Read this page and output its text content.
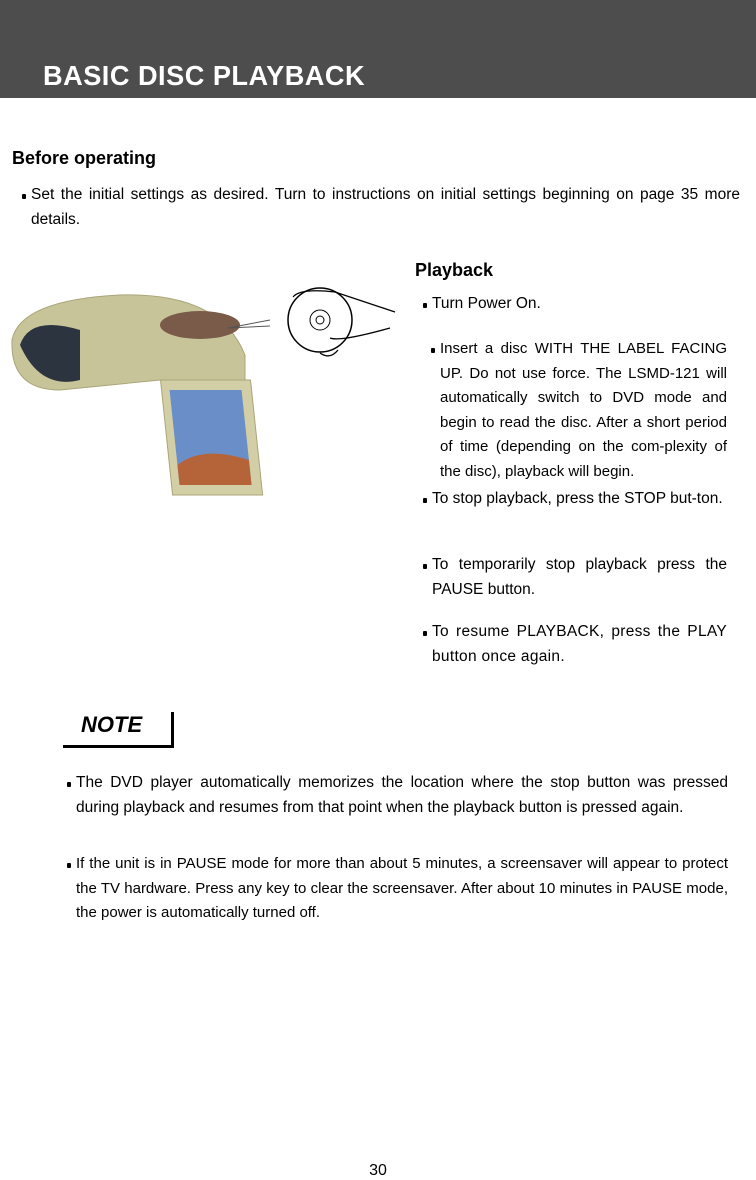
BASIC DISC PLAYBACK
Before operating
Set the initial settings as desired. Turn to instructions on initial settings beginning on page 35 more details.
Playback
Turn Power On.
Insert a disc WITH THE LABEL FACING UP. Do not use force. The LSMD-121 will automatically switch to DVD mode and begin to read the disc. After a short period of time (depending on the com-plexity of the disc), playback will begin.
To stop playback, press the STOP but-ton.
To temporarily stop playback press the PAUSE button.
To resume PLAYBACK, press the PLAY button once again.
NOTE
The DVD player automatically memorizes the location where the stop button was pressed during playback and resumes from that point when the playback button is pressed again.
If the unit is in PAUSE mode for more than about 5 minutes, a screensaver will appear to protect the TV hardware. Press any key to clear the screensaver. After about 10 minutes in PAUSE mode, the power is automatically turned off.
30
